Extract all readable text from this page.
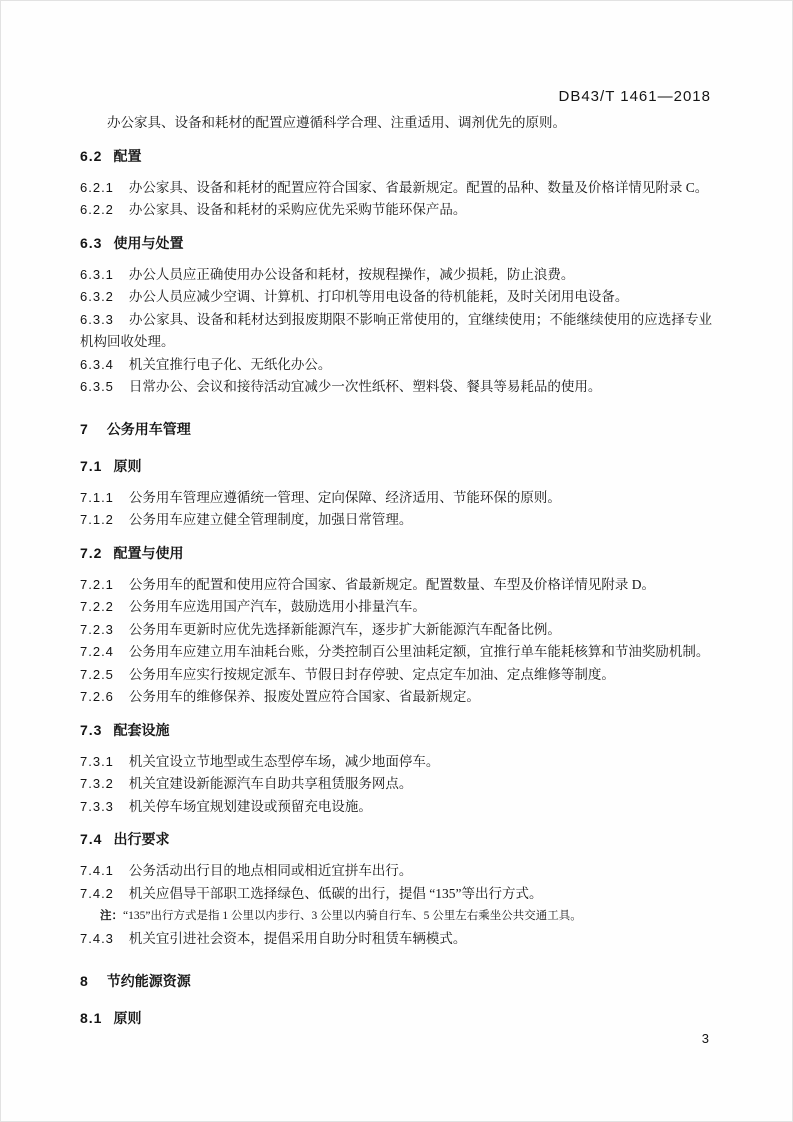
DB43/T 1461—2018
办公家具、设备和耗材的配置应遵循科学合理、注重适用、调剂优先的原则。
6.2 配置
6.2.1 办公家具、设备和耗材的配置应符合国家、省最新规定。配置的品种、数量及价格详情见附录 C。
6.2.2 办公家具、设备和耗材的采购应优先采购节能环保产品。
6.3 使用与处置
6.3.1 办公人员应正确使用办公设备和耗材，按规程操作，减少损耗，防止浪费。
6.3.2 办公人员应减少空调、计算机、打印机等用电设备的待机能耗，及时关闭用电设备。
6.3.3 办公家具、设备和耗材达到报废期限不影响正常使用的，宜继续使用；不能继续使用的应选择专业机构回收处理。
6.3.4 机关宜推行电子化、无纸化办公。
6.3.5 日常办公、会议和接待活动宜减少一次性纸杯、塑料袋、餐具等易耗品的使用。
7 公务用车管理
7.1 原则
7.1.1 公务用车管理应遵循统一管理、定向保障、经济适用、节能环保的原则。
7.1.2 公务用车应建立健全管理制度，加强日常管理。
7.2 配置与使用
7.2.1 公务用车的配置和使用应符合国家、省最新规定。配置数量、车型及价格详情见附录 D。
7.2.2 公务用车应选用国产汽车，鼓励选用小排量汽车。
7.2.3 公务用车更新时应优先选择新能源汽车，逐步扩大新能源汽车配备比例。
7.2.4 公务用车应建立用车油耗台账，分类控制百公里油耗定额，宜推行单车能耗核算和节油奖励机制。
7.2.5 公务用车应实行按规定派车、节假日封存停驶、定点定车加油、定点维修等制度。
7.2.6 公务用车的维修保养、报废处置应符合国家、省最新规定。
7.3 配套设施
7.3.1 机关宜设立节地型或生态型停车场，减少地面停车。
7.3.2 机关宜建设新能源汽车自助共享租赁服务网点。
7.3.3 机关停车场宜规划建设或预留充电设施。
7.4 出行要求
7.4.1 公务活动出行目的地点相同或相近宜拼车出行。
7.4.2 机关应倡导干部职工选择绿色、低碳的出行，提倡 “135”等出行方式。
注：“135”出行方式是指 1 公里以内步行、3 公里以内骑自行车、5 公里左右乘坐公共交通工具。
7.4.3 机关宜引进社会资本，提倡采用自助分时租赁车辆模式。
8 节约能源资源
8.1 原则
3
